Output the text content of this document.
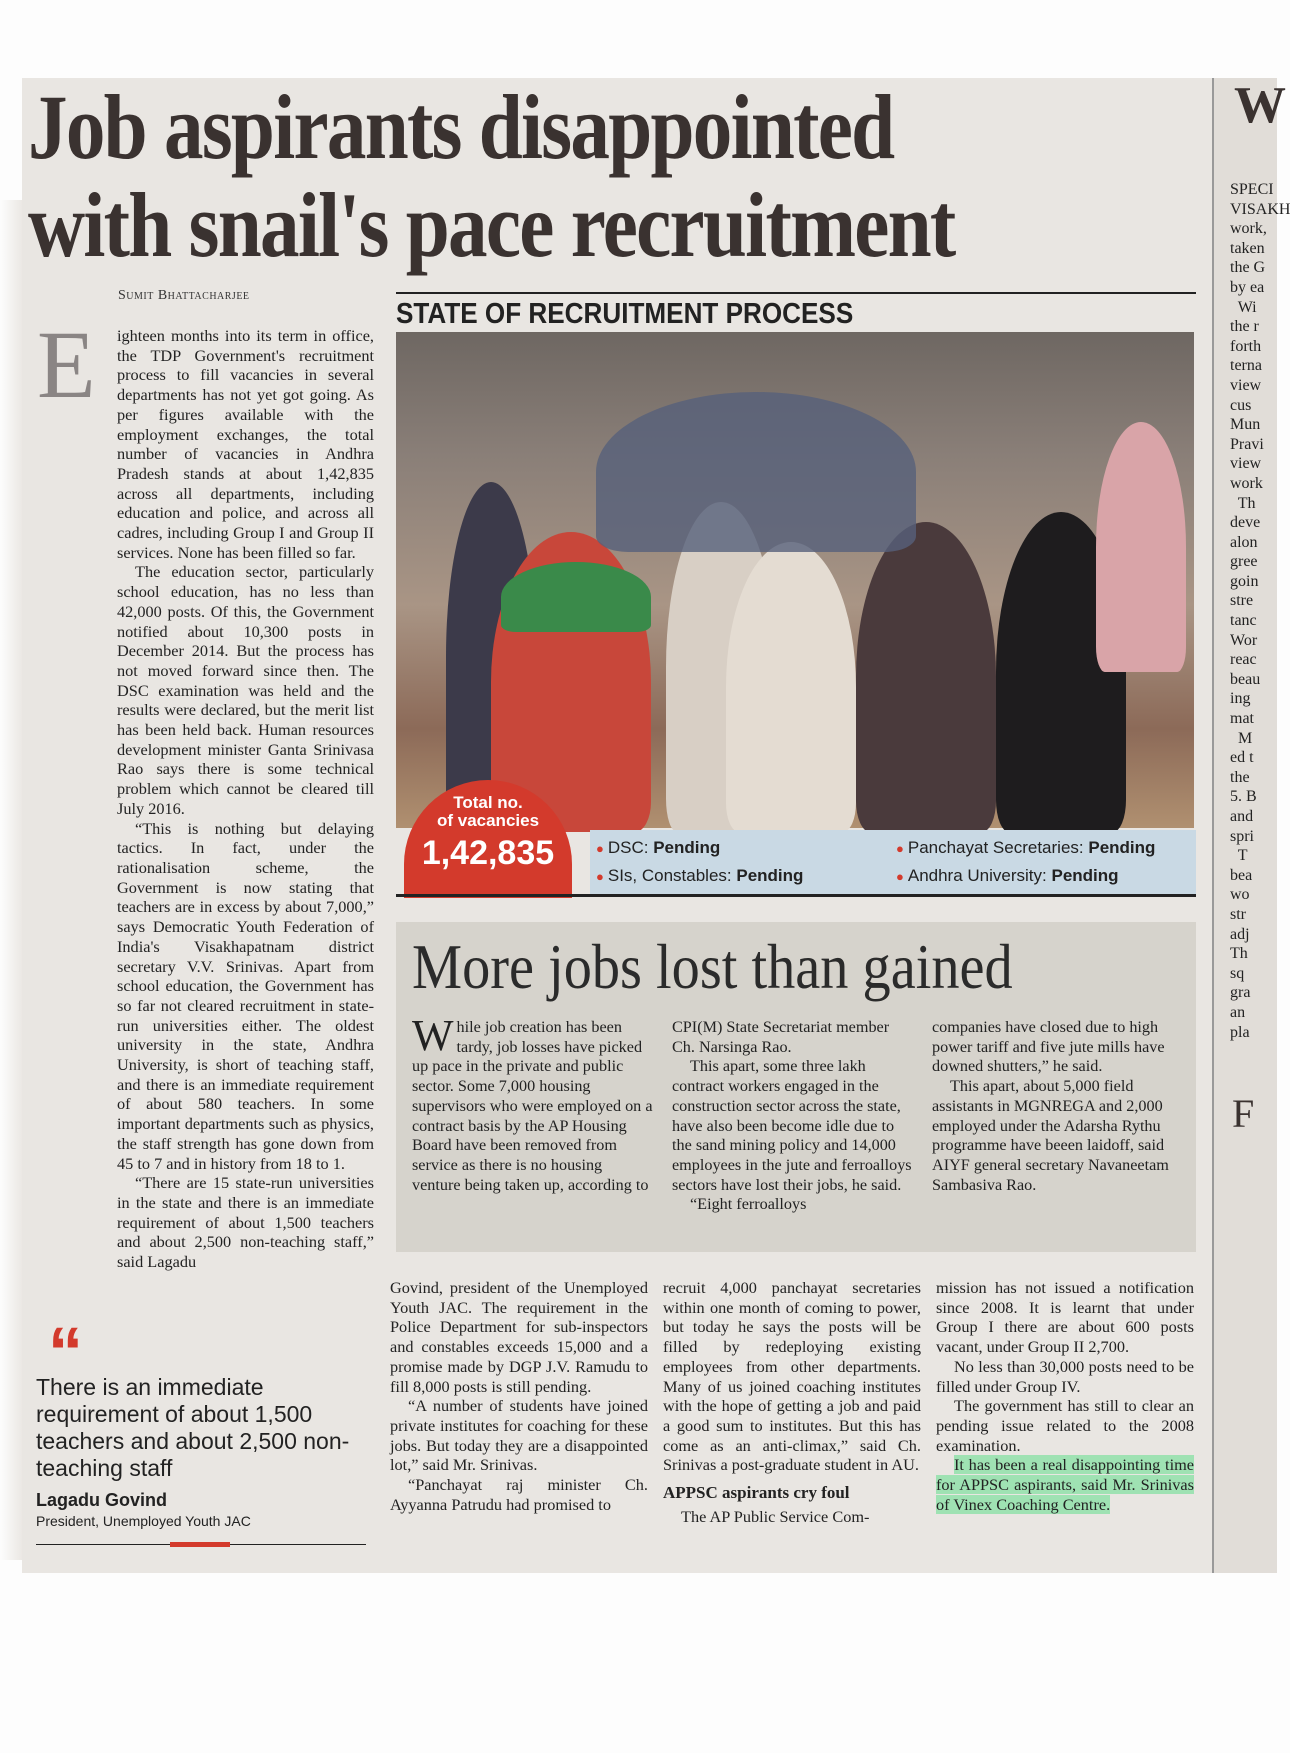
Job aspirants disappointed with snail's pace recruitment
Sumit Bhattacharjee
E	ighteen months into its term in office, the TDP Government's recruitment process to fill vacancies in several departments has not yet got going. As per figures available with the employment exchanges, the total number of vacancies in Andhra Pradesh stands at about 1,42,835 across all departments, including education and police, and across all cadres, including Group I and Group II services. None has been filled so far.

The education sector, particularly school education, has no less than 42,000 posts. Of this, the Government notified about 10,300 posts in December 2014. But the process has not moved forward since then. The DSC examination was held and the results were declared, but the merit list has been held back. Human resources development minister Ganta Srinivasa Rao says there is some technical problem which cannot be cleared till July 2016.

“This is nothing but delaying tactics. In fact, under the rationalisation scheme, the Government is now stating that teachers are in excess by about 7,000,” says Democratic Youth Federation of India's Visakhapatnam district secretary V.V. Srinivas. Apart from school education, the Government has so far not cleared recruitment in state-run universities either. The oldest university in the state, Andhra University, is short of teaching staff, and there is an immediate requirement of about 580 teachers. In some important departments such as physics, the staff strength has gone down from 45 to 7 and in history from 18 to 1.

“There are 15 state-run universities in the state and there is an immediate requirement of about 1,500 teachers and about 2,500 non-teaching staff,” said Lagadu

STATE OF RECRUITMENT PROCESS
Total no.
of vacancies
1,42,835	● DSC: Pending	● Panchayat Secretaries: Pending
● SIs, Constables: Pending	● Andhra University: Pending
More jobs lost than gained

While job creation has been tardy, job losses have picked up pace in the private and public sector. Some 7,000 housing supervisors who were employed on a contract basis by the AP Housing Board have been removed from service as there is no housing venture being taken up, according to

CPI(M) State Secretariat member Ch. Narsinga Rao.

This apart, some three lakh contract workers engaged in the construction sector across the state, have also been become idle due to the sand mining policy and 14,000 employees in the jute and ferroalloys sectors have lost their jobs, he said.

“Eight ferroalloys

companies have closed due to high power tariff and five jute mills have downed shutters,” he said.

This apart, about 5,000 field assistants in MGNREGA and 2,000 employed under the Adarsha Rythu programme have beeen laidoff, said AIYF general secretary Navaneetam Sambasiva Rao.

Govind, president of the Unemployed Youth JAC. The requirement in the Police Department for sub-inspectors and constables exceeds 15,000 and a promise made by DGP J.V. Ramudu to fill 8,000 posts is still pending.

“A number of students have joined private institutes for coaching for these jobs. But today they are a disappointed lot,” said Mr. Srinivas.

“Panchayat raj minister Ch. Ayyanna Patrudu had promised to

recruit 4,000 panchayat secretaries within one month of coming to power, but today he says the posts will be filled by redeploying existing employees from other departments. Many of us joined coaching institutes with the hope of getting a job and paid a good sum to institutes. But this has come as an anti-climax,” said Ch. Srinivas a post-graduate student in AU.

APPSC aspirants cry foul

The AP Public Service Com-

mission has not issued a notification since 2008. It is learnt that under Group I there are about 600 posts vacant, under Group II 2,700.

No less than 30,000 posts need to be filled under Group IV.

The government has still to clear an pending issue related to the 2008 examination.

It has been a real disappointing time for APPSC aspirants, said Mr. Srinivas of Vinex Coaching Centre.

“
There is an immediate requirement of about 1,500 teachers and about 2,500 non-teaching staff
Lagadu Govind
President, Unemployed Youth JAC
W
SPECI
VISAKH
work,
taken
the G
by ea
Wi
the r
forth
terna
view
cus
Mun
Pravi
view
work
Th
deve
alon
gree
goin
stre
tanc
Wor
reac
beau
ing
mat
M
ed t
the
5. B
and
spri
T
bea
wo
str
adj
Th
sq
gra
an
pla
F
